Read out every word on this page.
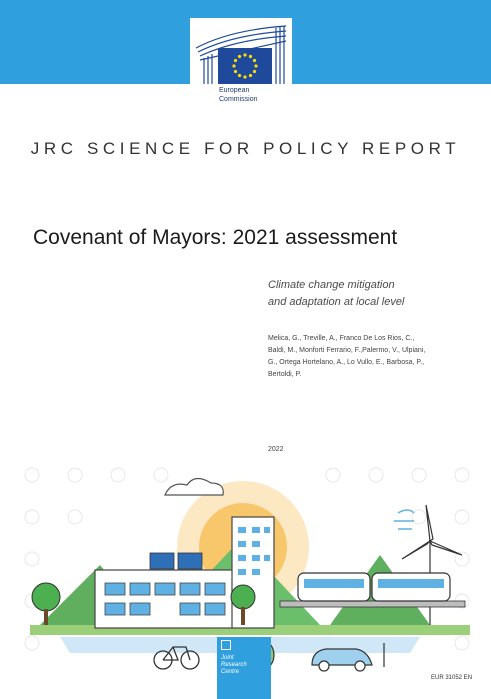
European
Commission
JRC SCIENCE FOR POLICY REPORT
Covenant of Mayors: 2021 assessment
Climate change mitigation
and adaptation at local level
Melica, G., Treville, A., Franco De Los Rios, C., Baldi, M., Monforti Ferrario, F.,Palermo, V., Ulpiani, G., Ortega Hortelano, A., Lo Vullo, E., Barbosa, P., Bertoldi, P.
2022
Joint
Research
Centre
EUR 31052 EN
